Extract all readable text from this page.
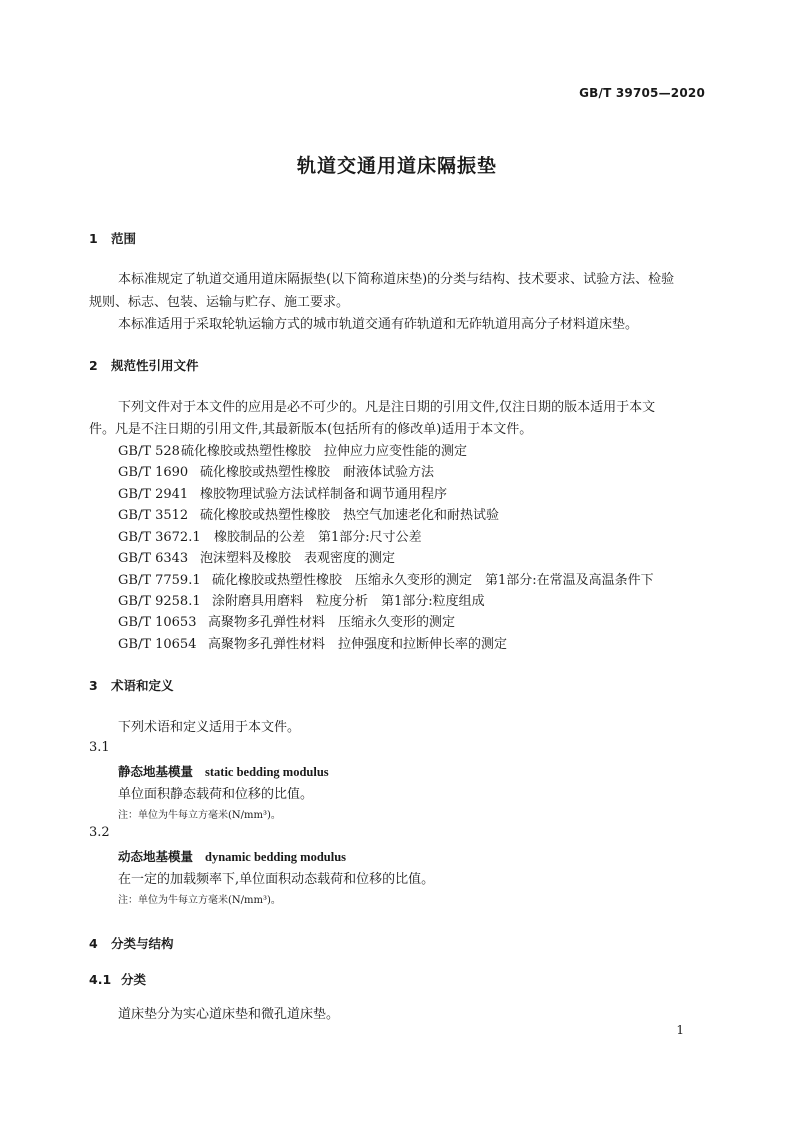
GB/T 39705—2020
轨道交通用道床隔振垫
1 范围
本标准规定了轨道交通用道床隔振垫(以下简称道床垫)的分类与结构、技术要求、试验方法、检验
规则、标志、包装、运输与贮存、施工要求。
本标准适用于采取轮轨运输方式的城市轨道交通有砟轨道和无砟轨道用高分子材料道床垫。
2 规范性引用文件
下列文件对于本文件的应用是必不可少的。凡是注日期的引用文件,仅注日期的版本适用于本文
件。凡是不注日期的引用文件,其最新版本(包括所有的修改单)适用于本文件。
GB/T 528硫化橡胶或热塑性橡胶　拉伸应力应变性能的测定
GB/T 1690 硫化橡胶或热塑性橡胶　耐液体试验方法
GB/T 2941 橡胶物理试验方法试样制备和调节通用程序
GB/T 3512 硫化橡胶或热塑性橡胶　热空气加速老化和耐热试验
GB/T 3672.1 橡胶制品的公差　第1部分:尺寸公差
GB/T 6343 泡沫塑料及橡胶　表观密度的测定
GB/T 7759.1 硫化橡胶或热塑性橡胶　压缩永久变形的测定　第1部分:在常温及高温条件下
GB/T 9258.1 涂附磨具用磨料　粒度分析　第1部分:粒度组成
GB/T 10653 高聚物多孔弹性材料　压缩永久变形的测定
GB/T 10654 高聚物多孔弹性材料　拉伸强度和拉断伸长率的测定
3 术语和定义
下列术语和定义适用于本文件。
3.1
静态地基模量 static bedding modulus
单位面积静态载荷和位移的比值。
注：单位为牛每立方毫米(N/mm³)。
3.2
动态地基模量 dynamic bedding modulus
在一定的加载频率下,单位面积动态载荷和位移的比值。
注：单位为牛每立方毫米(N/mm³)。
4 分类与结构
4.1 分类
道床垫分为实心道床垫和微孔道床垫。
1
